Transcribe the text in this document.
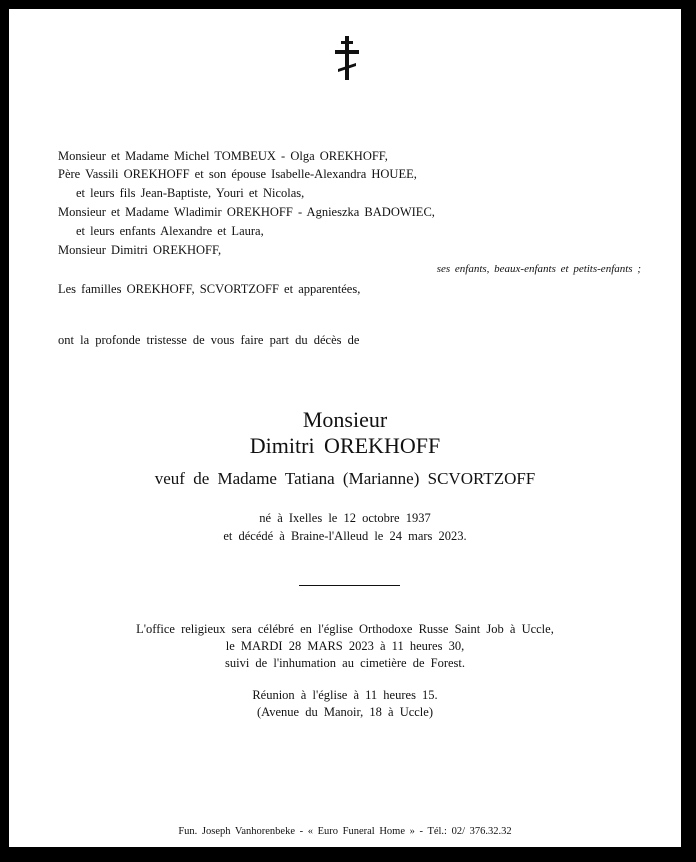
Monsieur et Madame Michel TOMBEUX - Olga OREKHOFF,
Père Vassili OREKHOFF et son épouse Isabelle-Alexandra HOUEE,
et leurs fils Jean-Baptiste, Youri et Nicolas,
Monsieur et Madame Wladimir OREKHOFF - Agnieszka BADOWIEC,
et leurs enfants Alexandre et Laura,
Monsieur Dimitri OREKHOFF,
ses enfants, beaux-enfants et petits-enfants ;
Les familles OREKHOFF, SCVORTZOFF et apparentées,
ont la profonde tristesse de vous faire part du décès de
Monsieur
Dimitri OREKHOFF
veuf de Madame Tatiana (Marianne) SCVORTZOFF
né à Ixelles le 12 octobre 1937
et décédé à Braine-l'Alleud le 24 mars 2023.
L'office religieux sera célébré en l'église Orthodoxe Russe Saint Job à Uccle,
le MARDI 28 MARS 2023 à 11 heures 30,
suivi de l'inhumation au cimetière de Forest.
Réunion à l'église à 11 heures 15.
(Avenue du Manoir, 18 à Uccle)
Fun. Joseph Vanhorenbeke - « Euro Funeral Home » - Tél.: 02/ 376.32.32
